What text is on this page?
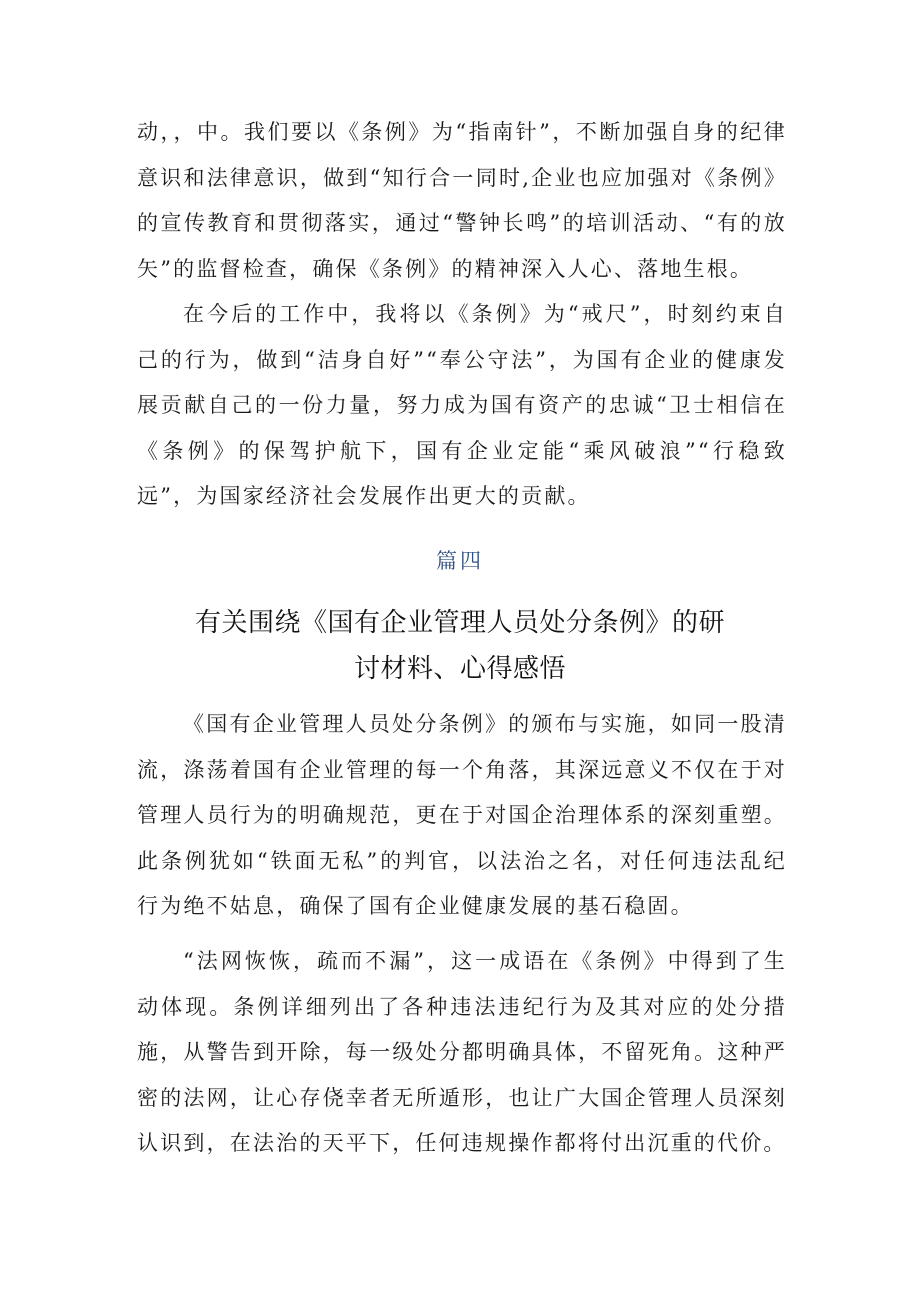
动，，中。我们要以《条例》为“指南针”，不断加强自身的纪律意识和法律意识，做到“知行合一同时,企业也应加强对《条例》的宣传教育和贯彻落实，通过“警钟长鸣”的培训活动、“有的放矢”的监督检查，确保《条例》的精神深入人心、落地生根。

在今后的工作中，我将以《条例》为“戒尺”，时刻约束自己的行为，做到“洁身自好”“奉公守法”，为国有企业的健康发展贡献自己的一份力量，努力成为国有资产的忠诚“卫士相信在《条例》的保驾护航下，国有企业定能“乘风破浪”“行稳致远”，为国家经济社会发展作出更大的贡献。

篇四

有关围绕《国有企业管理人员处分条例》的研
讨材料、心得感悟

《国有企业管理人员处分条例》的颁布与实施，如同一股清流，涤荡着国有企业管理的每一个角落，其深远意义不仅在于对管理人员行为的明确规范，更在于对国企治理体系的深刻重塑。此条例犹如“铁面无私”的判官，以法治之名，对任何违法乱纪行为绝不姑息，确保了国有企业健康发展的基石稳固。

“法网恢恢，疏而不漏”，这一成语在《条例》中得到了生动体现。条例详细列出了各种违法违纪行为及其对应的处分措施，从警告到开除，每一级处分都明确具体，不留死角。这种严密的法网，让心存侥幸者无所遁形，也让广大国企管理人员深刻认识到，在法治的天平下，任何违规操作都将付出沉重的代价。
